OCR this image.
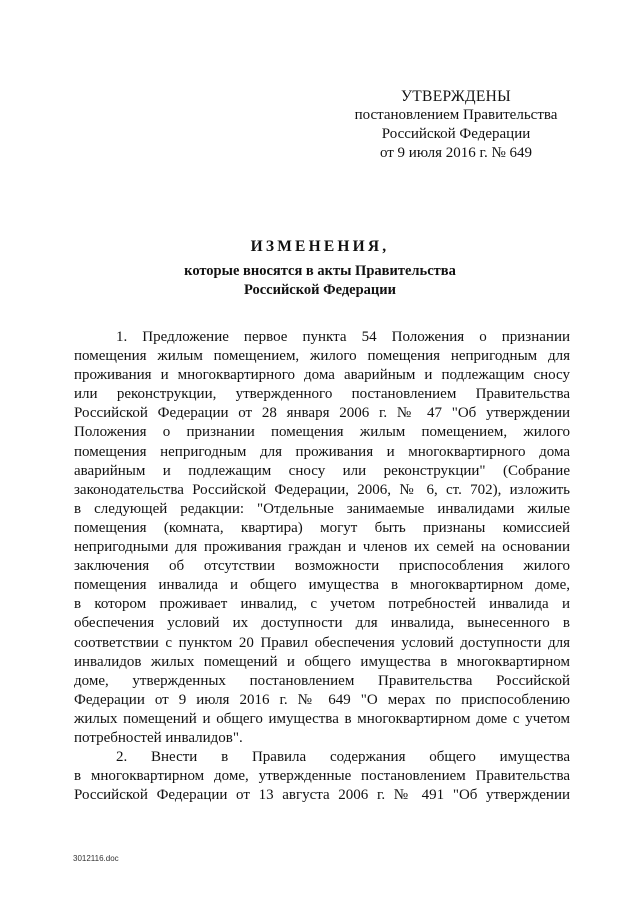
УТВЕРЖДЕНЫ
постановлением Правительства
Российской Федерации
от 9 июля 2016 г. № 649
ИЗМЕНЕНИЯ,
которые вносятся в акты Правительства
Российской Федерации
1. Предложение первое пункта 54 Положения о признании
помещения жилым помещением, жилого помещения непригодным для
проживания и многоквартирного дома аварийным и подлежащим сносу
или реконструкции, утвержденного постановлением Правительства
Российской Федерации от 28 января 2006 г. № 47 "Об утверждении
Положения о признании помещения жилым помещением, жилого
помещения непригодным для проживания и многоквартирного дома
аварийным и подлежащим сносу или реконструкции" (Собрание
законодательства Российской Федерации, 2006, № 6, ст. 702), изложить
в следующей редакции: "Отдельные занимаемые инвалидами жилые
помещения (комната, квартира) могут быть признаны комиссией
непригодными для проживания граждан и членов их семей на основании
заключения об отсутствии возможности приспособления жилого
помещения инвалида и общего имущества в многоквартирном доме,
в котором проживает инвалид, с учетом потребностей инвалида и
обеспечения условий их доступности для инвалида, вынесенного в
соответствии с пунктом 20 Правил обеспечения условий доступности для
инвалидов жилых помещений и общего имущества в многоквартирном
доме, утвержденных постановлением Правительства Российской
Федерации от 9 июля 2016 г. № 649 "О мерах по приспособлению
жилых помещений и общего имущества в многоквартирном доме с учетом
потребностей инвалидов".
2. Внести в Правила содержания общего имущества
в многоквартирном доме, утвержденные постановлением Правительства
Российской Федерации от 13 августа 2006 г. № 491 "Об утверждении
3012116.doc
